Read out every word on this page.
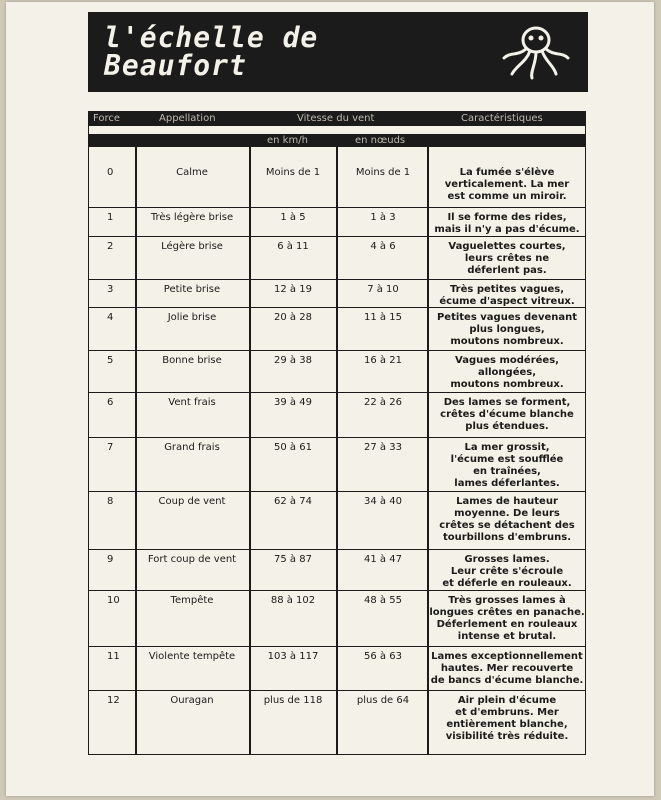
l'échelle de
Beaufort
Force	Appellation	Vitesse du vent	Caractéristiques
en km/h	en nœuds
0	Calme	Moins de 1	Moins de 1	La fumée s'élève
verticalement. La mer
est comme un miroir.
1	Très légère brise	1 à 5	1 à 3	Il se forme des rides,
mais il n'y a pas d'écume.
2	Légère brise	6 à 11	4 à 6	Vaguelettes courtes,
leurs crêtes ne
déferlent pas.
3	Petite brise	12 à 19	7 à 10	Très petites vagues,
écume d'aspect vitreux.
4	Jolie brise	20 à 28	11 à 15	Petites vagues devenant
plus longues,
moutons nombreux.
5	Bonne brise	29 à 38	16 à 21	Vagues modérées,
allongées,
moutons nombreux.
6	Vent frais	39 à 49	22 à 26	Des lames se forment,
crêtes d'écume blanche
plus étendues.
7	Grand frais	50 à 61	27 à 33	La mer grossit,
l'écume est soufflée
en traînées,
lames déferlantes.
8	Coup de vent	62 à 74	34 à 40	Lames de hauteur
moyenne. De leurs
crêtes se détachent des
tourbillons d'embruns.
9	Fort coup de vent	75 à 87	41 à 47	Grosses lames.
Leur crête s'écroule
et déferle en rouleaux.
10	Tempête	88 à 102	48 à 55	Très grosses lames à
longues crêtes en panache.
Déferlement en rouleaux
intense et brutal.
11	Violente tempête	103 à 117	56 à 63	Lames exceptionnellement
hautes. Mer recouverte
de bancs d'écume blanche.
12	Ouragan	plus de 118	plus de 64	Air plein d'écume
et d'embruns. Mer
entièrement blanche,
visibilité très réduite.
